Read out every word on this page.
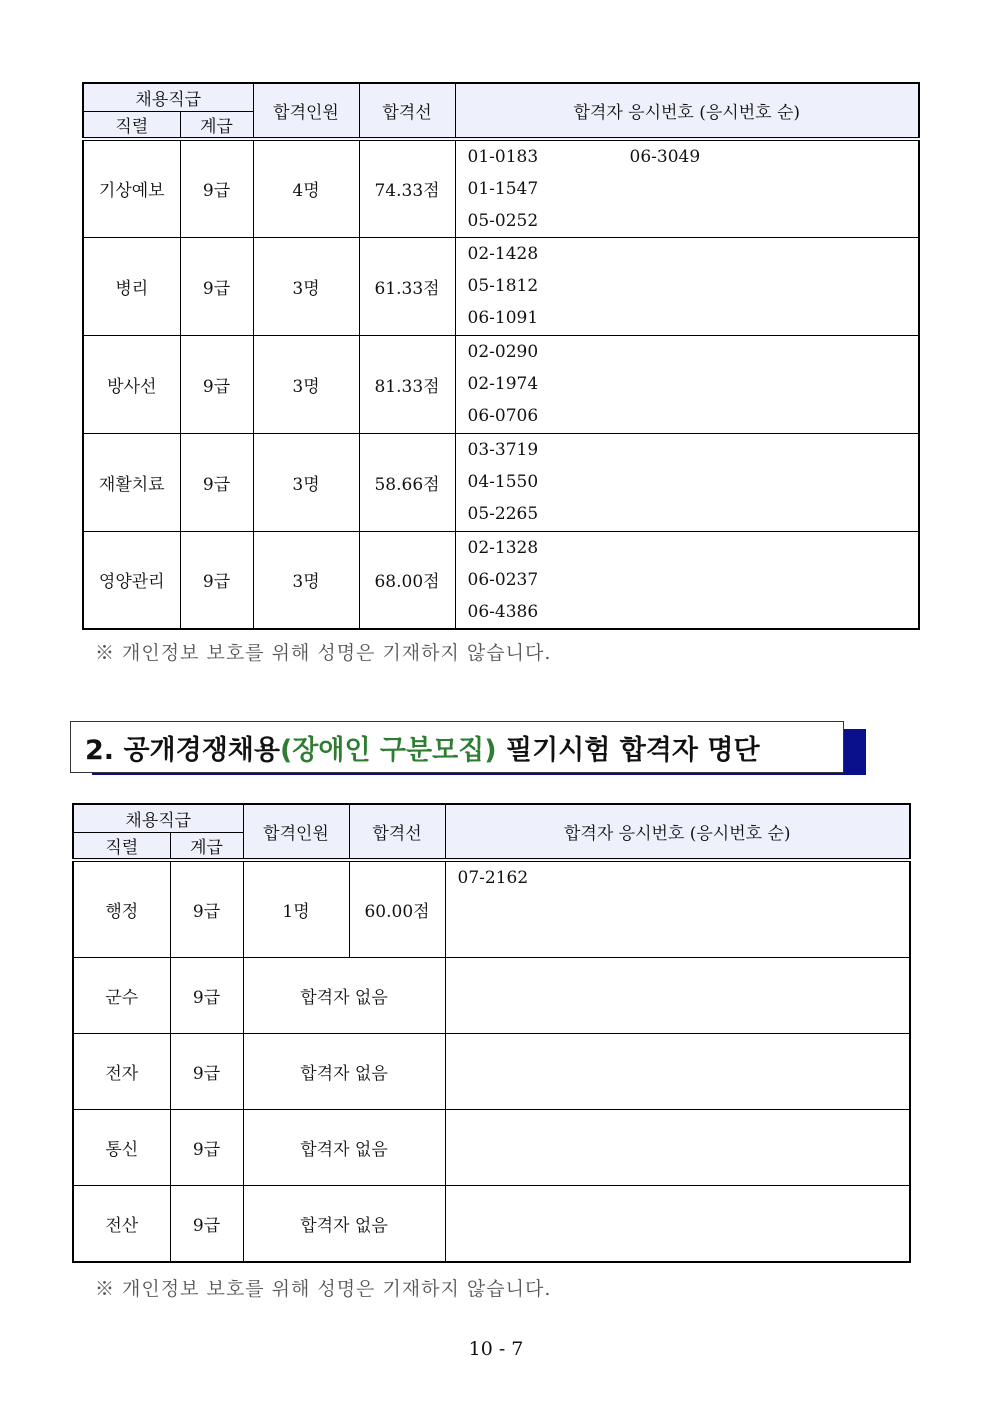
채용직급		합격인원	합격선	합격자 응시번호 (응시번호 순)
직렬	계급			
기상예보	9급	4명	74.33점	01-0183 06-3049
01-1547
05-0252

병리	9급	3명	61.33점	02-1428
05-1812
06-1091

방사선	9급	3명	81.33점	02-0290
02-1974
06-0706

재활치료	9급	3명	58.66점	03-3719
04-1550
05-2265

영양관리	9급	3명	68.00점	02-1328
06-0237
06-4386
※ 개인정보 보호를 위해 성명은 기재하지 않습니다.
2. 공개경쟁채용(장애인 구분모집) 필기시험 합격자 명단
채용직급		합격인원	합격선	합격자 응시번호 (응시번호 순)
직렬	계급			
행정	9급	1명	60.00점	07-2162

군수	9급	합격자 없음		
전자	9급	합격자 없음		
통신	9급	합격자 없음		
전산	9급	합격자 없음		
※ 개인정보 보호를 위해 성명은 기재하지 않습니다.
10 - 7
